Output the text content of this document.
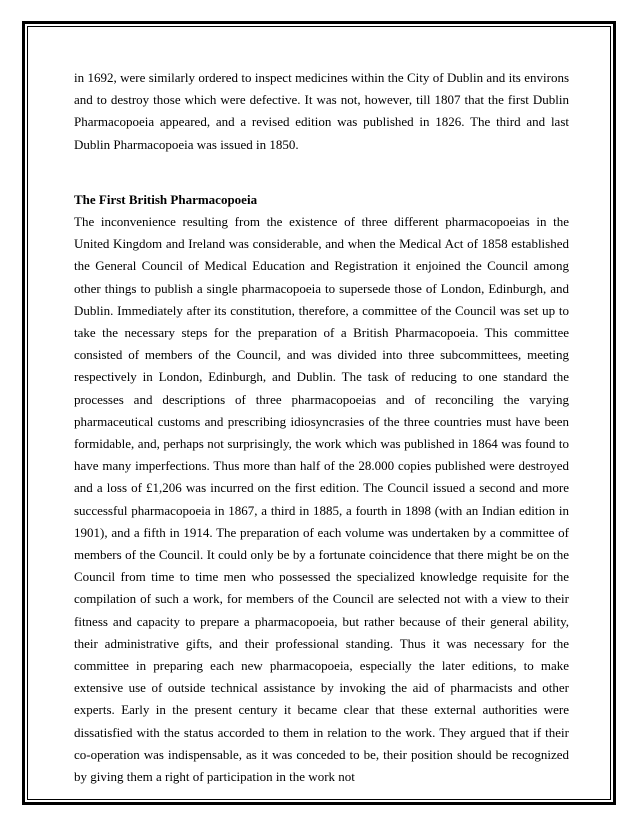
in 1692, were similarly ordered to inspect medicines within the City of Dublin and its environs and to destroy those which were defective. It was not, however, till 1807 that the first Dublin Pharmacopoeia appeared, and a revised edition was published in 1826. The third and last Dublin Pharmacopoeia was issued in 1850.

The First British Pharmacopoeia

The inconvenience resulting from the existence of three different pharmacopoeias in the United Kingdom and Ireland was considerable, and when the Medical Act of 1858 established the General Council of Medical Education and Registration it enjoined the Council among other things to publish a single pharmacopoeia to supersede those of London, Edinburgh, and Dublin. Immediately after its constitution, therefore, a committee of the Council was set up to take the necessary steps for the preparation of a British Pharmacopoeia. This committee consisted of members of the Council, and was divided into three subcommittees, meeting respectively in London, Edinburgh, and Dublin. The task of reducing to one standard the processes and descriptions of three pharmacopoeias and of reconciling the varying pharmaceutical customs and prescribing idiosyncrasies of the three countries must have been formidable, and, perhaps not surprisingly, the work which was published in 1864 was found to have many imperfections. Thus more than half of the 28.000 copies published were destroyed and a loss of £1,206 was incurred on the first edition. The Council issued a second and more successful pharmacopoeia in 1867, a third in 1885, a fourth in 1898 (with an Indian edition in 1901), and a fifth in 1914. The preparation of each volume was undertaken by a committee of members of the Council. It could only be by a fortunate coincidence that there might be on the Council from time to time men who possessed the specialized knowledge requisite for the compilation of such a work, for members of the Council are selected not with a view to their fitness and capacity to prepare a pharmacopoeia, but rather because of their general ability, their administrative gifts, and their professional standing. Thus it was necessary for the committee in preparing each new pharmacopoeia, especially the later editions, to make extensive use of outside technical assistance by invoking the aid of pharmacists and other experts. Early in the present century it became clear that these external authorities were dissatisfied with the status accorded to them in relation to the work. They argued that if their co-operation was indispensable, as it was conceded to be, their position should be recognized by giving them a right of participation in the work not
